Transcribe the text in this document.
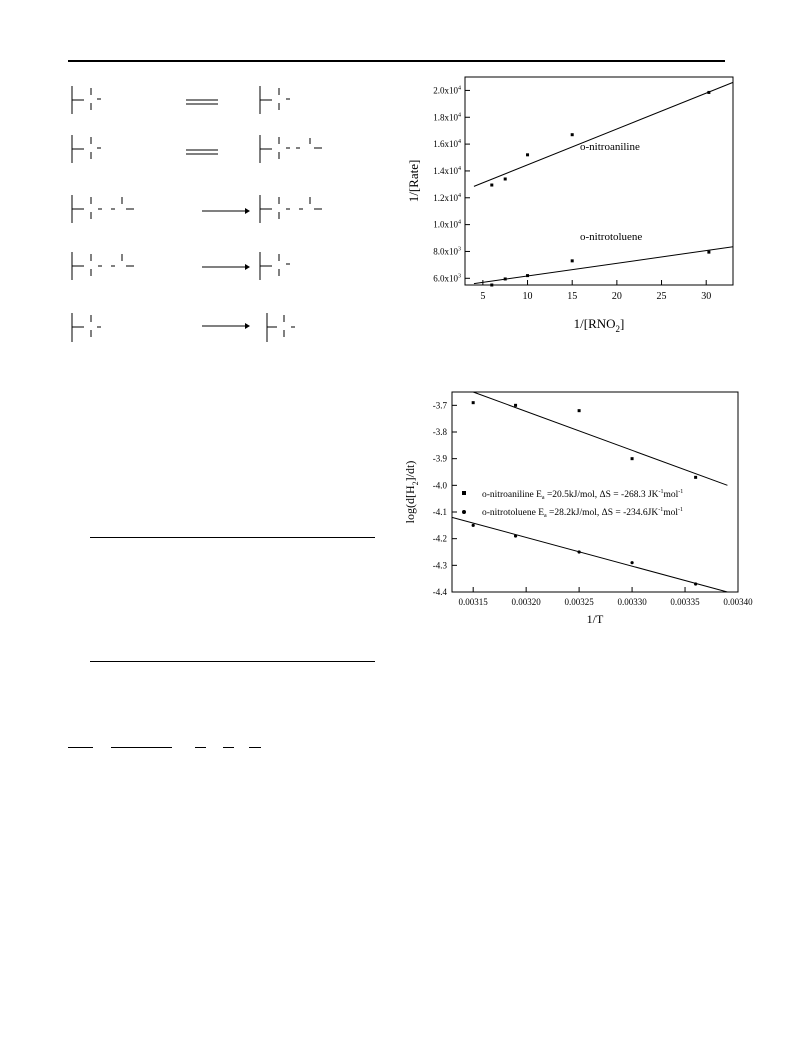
5	10	15	20	25	30
$6.0x10^3$
$8.0x10^3$
$1.0x10^4$
$1.2x10^4$
$1.4x10^4$
$1.6x10^4$
$1.8x10^4$
$2.0x10^4$
o-nitroaniline
o-nitrotoluene
$1/[RNO_2]$
1/[Rate]
0.00315	0.00320	0.00325	0.00330	0.00335	0.00340
-3.7
-3.8
-3.9
-4.0
-4.1
-4.2
-4.3
-4.4
o-nitroaniline $E_a =20.5kJ/mol$, ΔS = -268.3 $JK^{-1}mol^{-1}$
o-nitrotoluene $E_a =28.2kJ/mol$, $\Delta S = -234.6JK^{-1}mol^{-1}$
1/T
$\log(d[H_2]/dt)$
